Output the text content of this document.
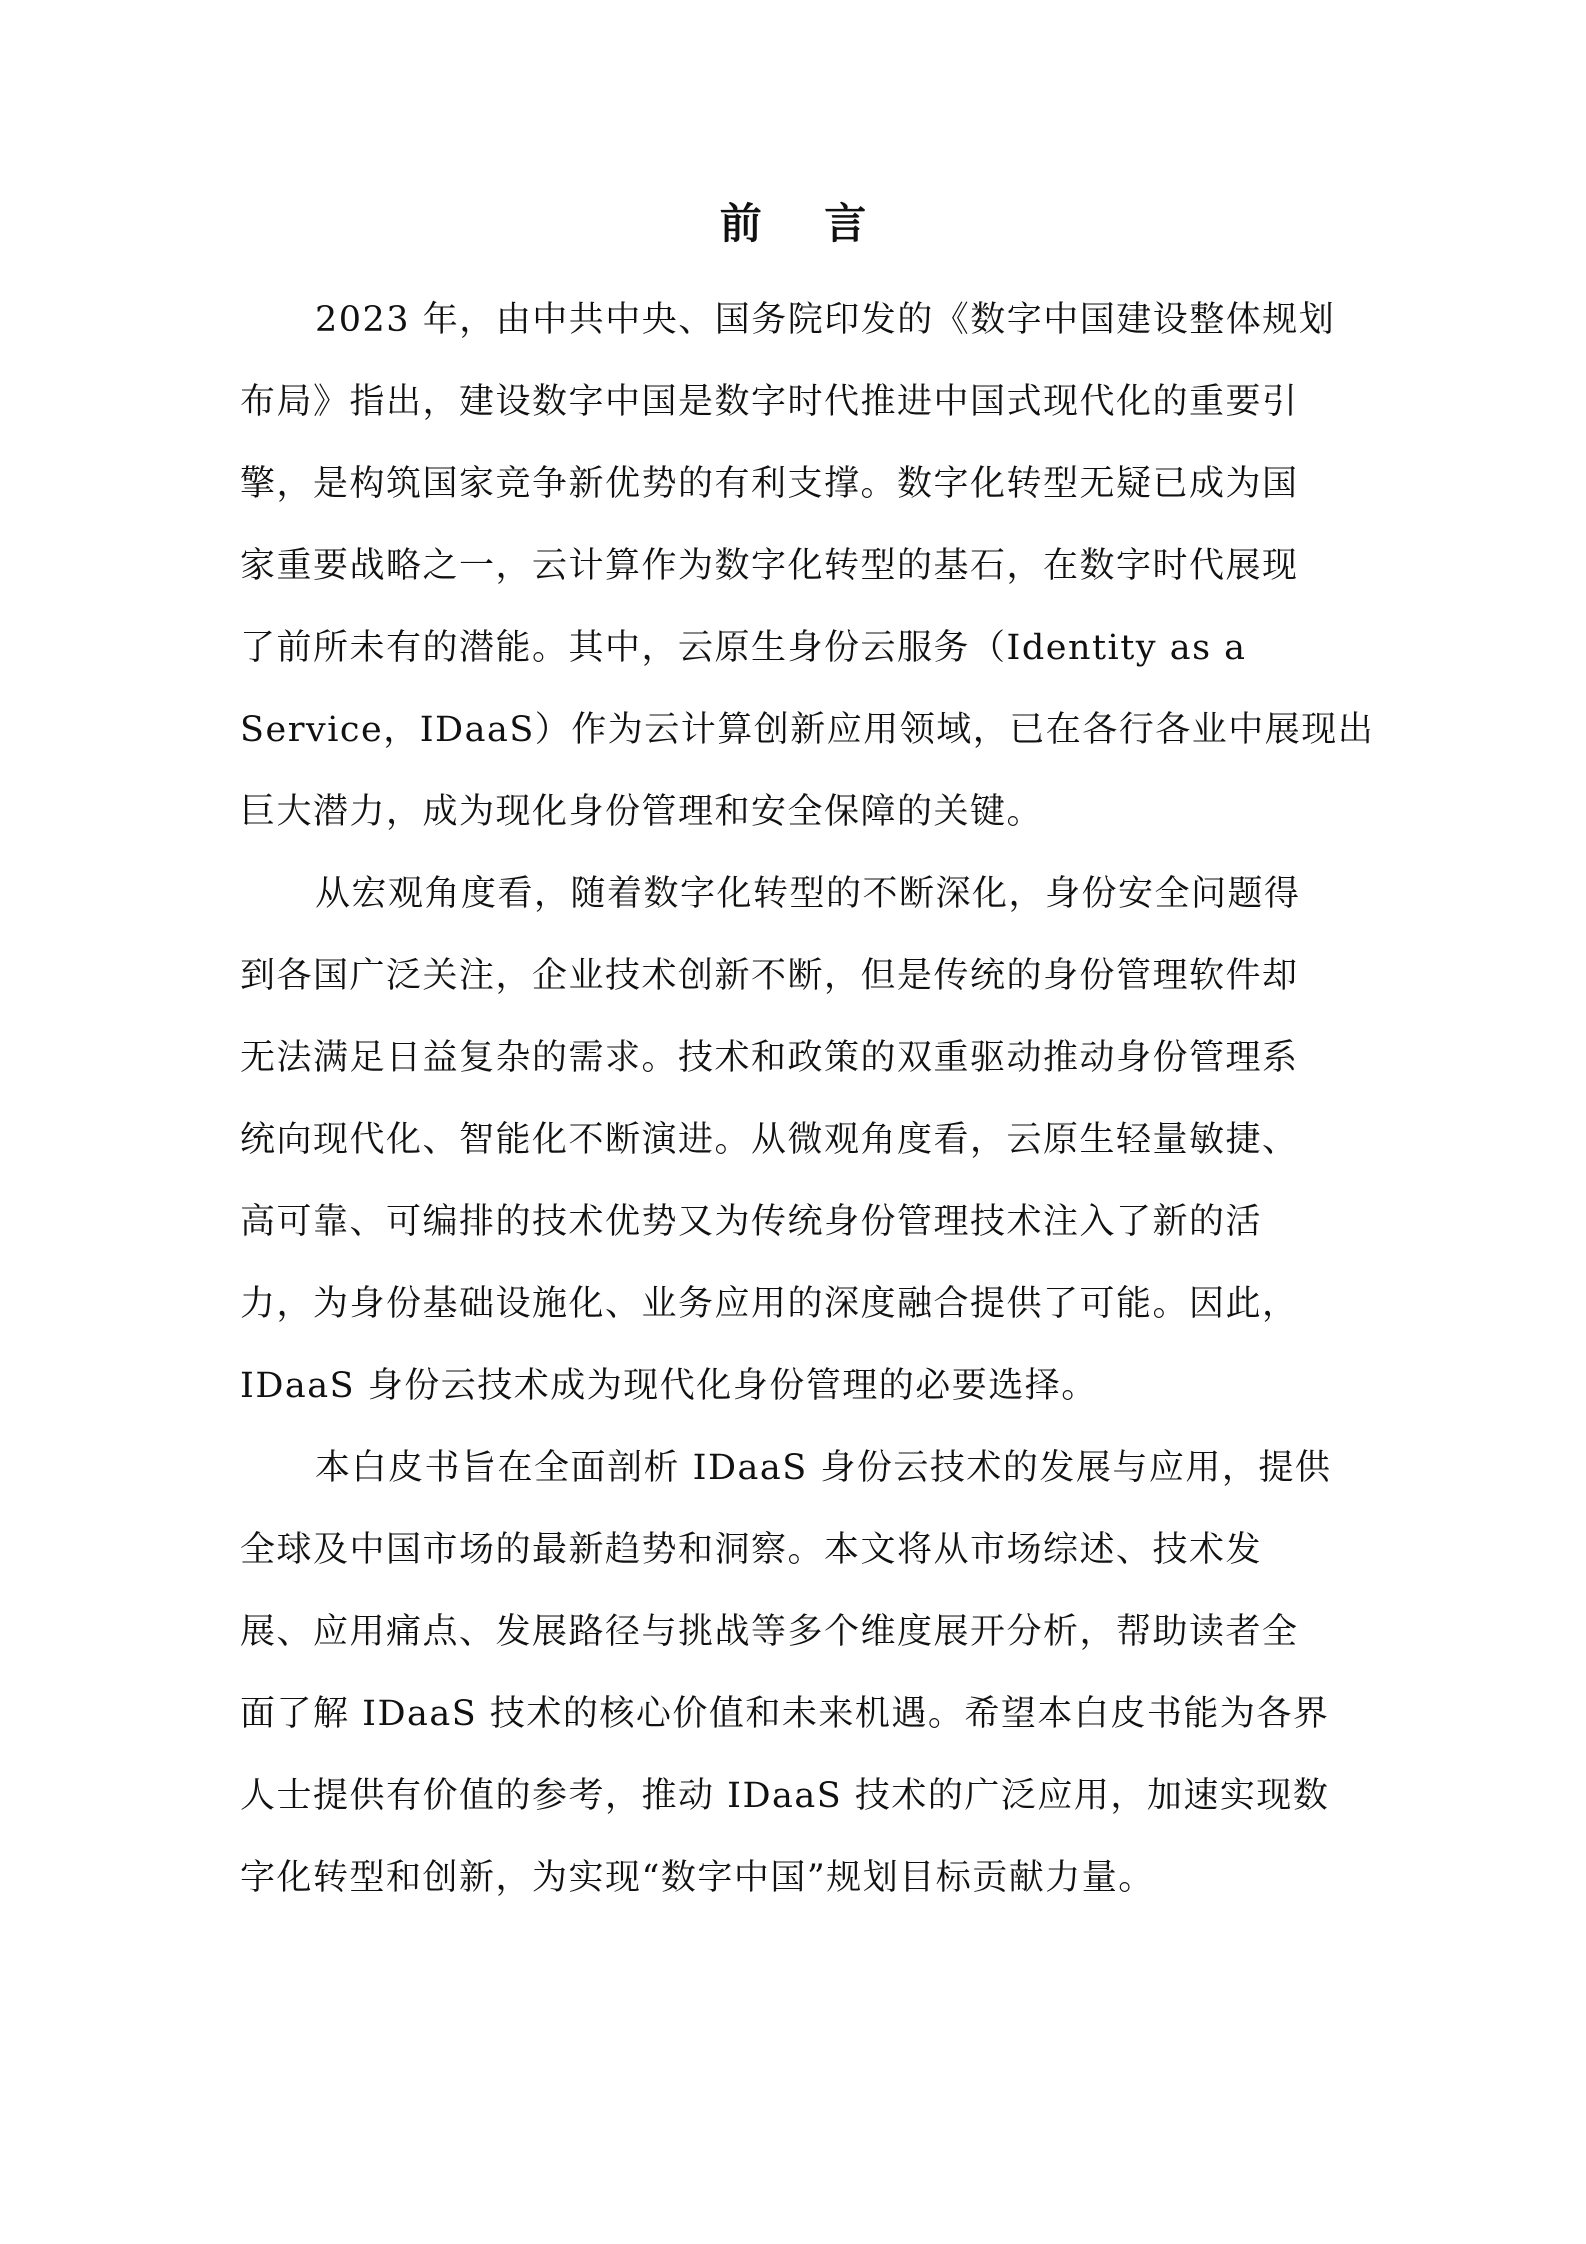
前 言
2023 年，由中共中央、国务院印发的《数字中国建设整体规划
布局》指出，建设数字中国是数字时代推进中国式现代化的重要引
擎，是构筑国家竞争新优势的有利支撑。数字化转型无疑已成为国
家重要战略之一，云计算作为数字化转型的基石，在数字时代展现
了前所未有的潜能。其中，云原生身份云服务（Identity as a
Service，IDaaS）作为云计算创新应用领域，已在各行各业中展现出
巨大潜力，成为现化身份管理和安全保障的关键。
从宏观角度看，随着数字化转型的不断深化，身份安全问题得
到各国广泛关注，企业技术创新不断，但是传统的身份管理软件却
无法满足日益复杂的需求。技术和政策的双重驱动推动身份管理系
统向现代化、智能化不断演进。从微观角度看，云原生轻量敏捷、
高可靠、可编排的技术优势又为传统身份管理技术注入了新的活
力，为身份基础设施化、业务应用的深度融合提供了可能。因此，
IDaaS 身份云技术成为现代化身份管理的必要选择。
本白皮书旨在全面剖析 IDaaS 身份云技术的发展与应用，提供
全球及中国市场的最新趋势和洞察。本文将从市场综述、技术发
展、应用痛点、发展路径与挑战等多个维度展开分析，帮助读者全
面了解 IDaaS 技术的核心价值和未来机遇。希望本白皮书能为各界
人士提供有价值的参考，推动 IDaaS 技术的广泛应用，加速实现数
字化转型和创新，为实现“数字中国”规划目标贡献力量。
